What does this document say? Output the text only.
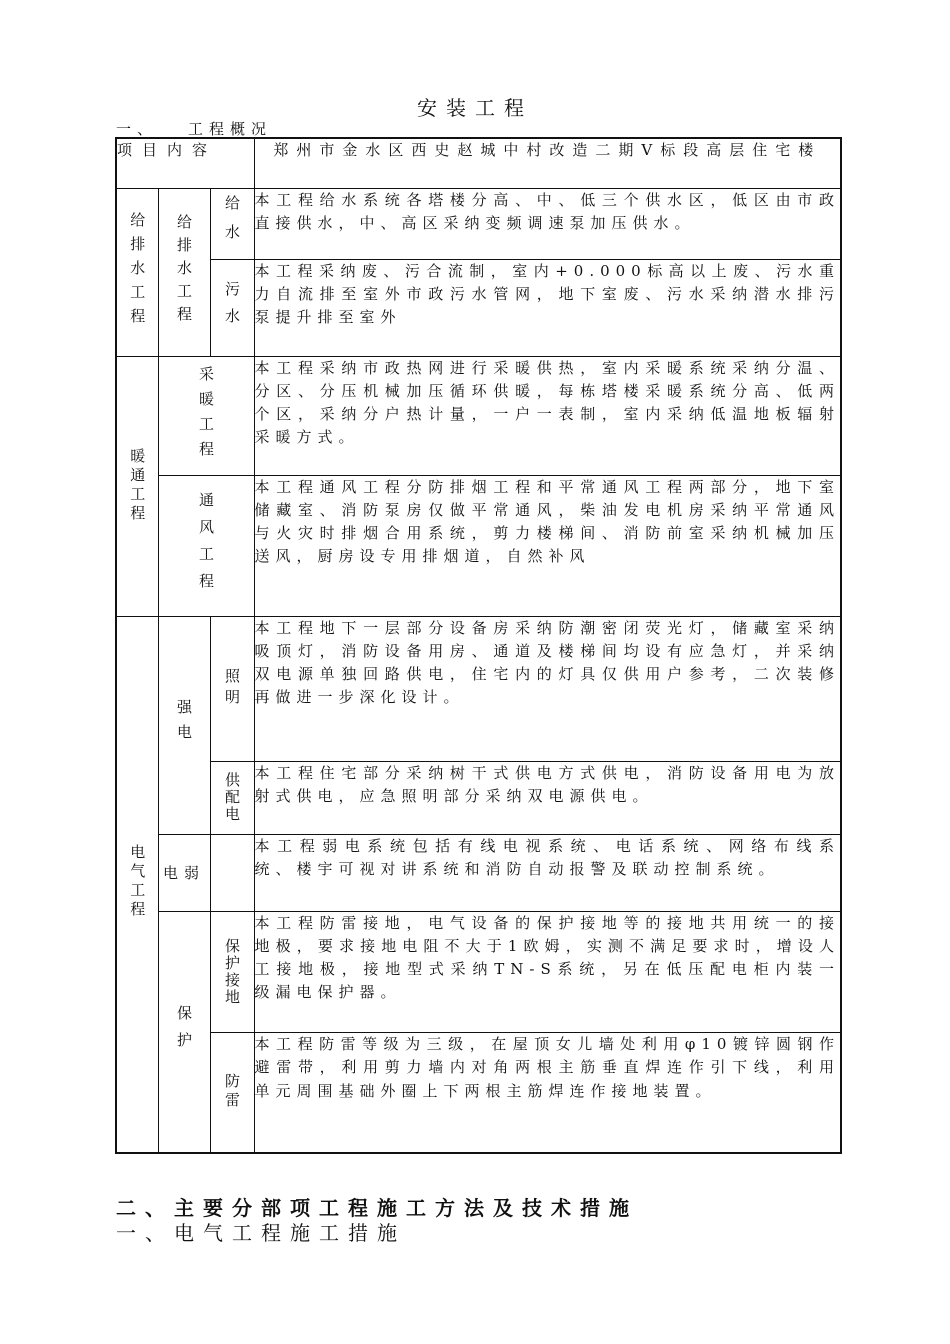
安装工程
一、 工程概况
项目内容			郑州市金水区西史赵城中村改造二期V标段高层住宅楼

给排水工程	给排水工程	给水	本工程给水系统各塔楼分高、中、低三个供水区，低区由市政直接供水，中、高区采纳变频调速泵加压供水。

		污水	本工程采纳废、污合流制，室内+0.000标高以上废、污水重力自流排至室外市政污水管网，地下室废、污水采纳潜水排污泵提升排至室外

暖通工程	采暖工程		本工程采纳市政热网进行采暖供热，室内采暖系统采纳分温、分区、分压机械加压循环供暖，每栋塔楼采暖系统分高、低两个区，采纳分户热计量，一户一表制，室内采纳低温地板辐射采暖方式。

	通风工程		本工程通风工程分防排烟工程和平常通风工程两部分，地下室储藏室、消防泵房仅做平常通风，柴油发电机房采纳平常通风与火灾时排烟合用系统，剪力楼梯间、消防前室采纳机械加压送风，厨房设专用排烟道，自然补风

电气工程	强电	照明	本工程地下一层部分设备房采纳防潮密闭荧光灯，储藏室采纳吸顶灯，消防设备用房、通道及楼梯间均设有应急灯，并采纳双电源单独回路供电，住宅内的灯具仅供用户参考，二次装修再做进一步深化设计。

		供配电	本工程住宅部分采纳树干式供电方式供电，消防设备用电为放射式供电，应急照明部分采纳双电源供电。

	电弱		本工程弱电系统包括有线电视系统、电话系统、网络布线系统、楼宇可视对讲系统和消防自动报警及联动控制系统。

	保护	保护接地	本工程防雷接地，电气设备的保护接地等的接地共用统一的接地极，要求接地电阻不大于1欧姆，实测不满足要求时，增设人工接地极，接地型式采纳TN-S系统，另在低压配电柜内装一级漏电保护器。

		防雷	本工程防雷等级为三级，在屋顶女儿墙处利用φ10镀锌圆钢作避雷带，利用剪力墙内对角两根主筋垂直焊连作引下线，利用单元周围基础外圈上下两根主筋焊连作接地装置。
二、主要分部项工程施工方法及技术措施
一、电气工程施工措施
